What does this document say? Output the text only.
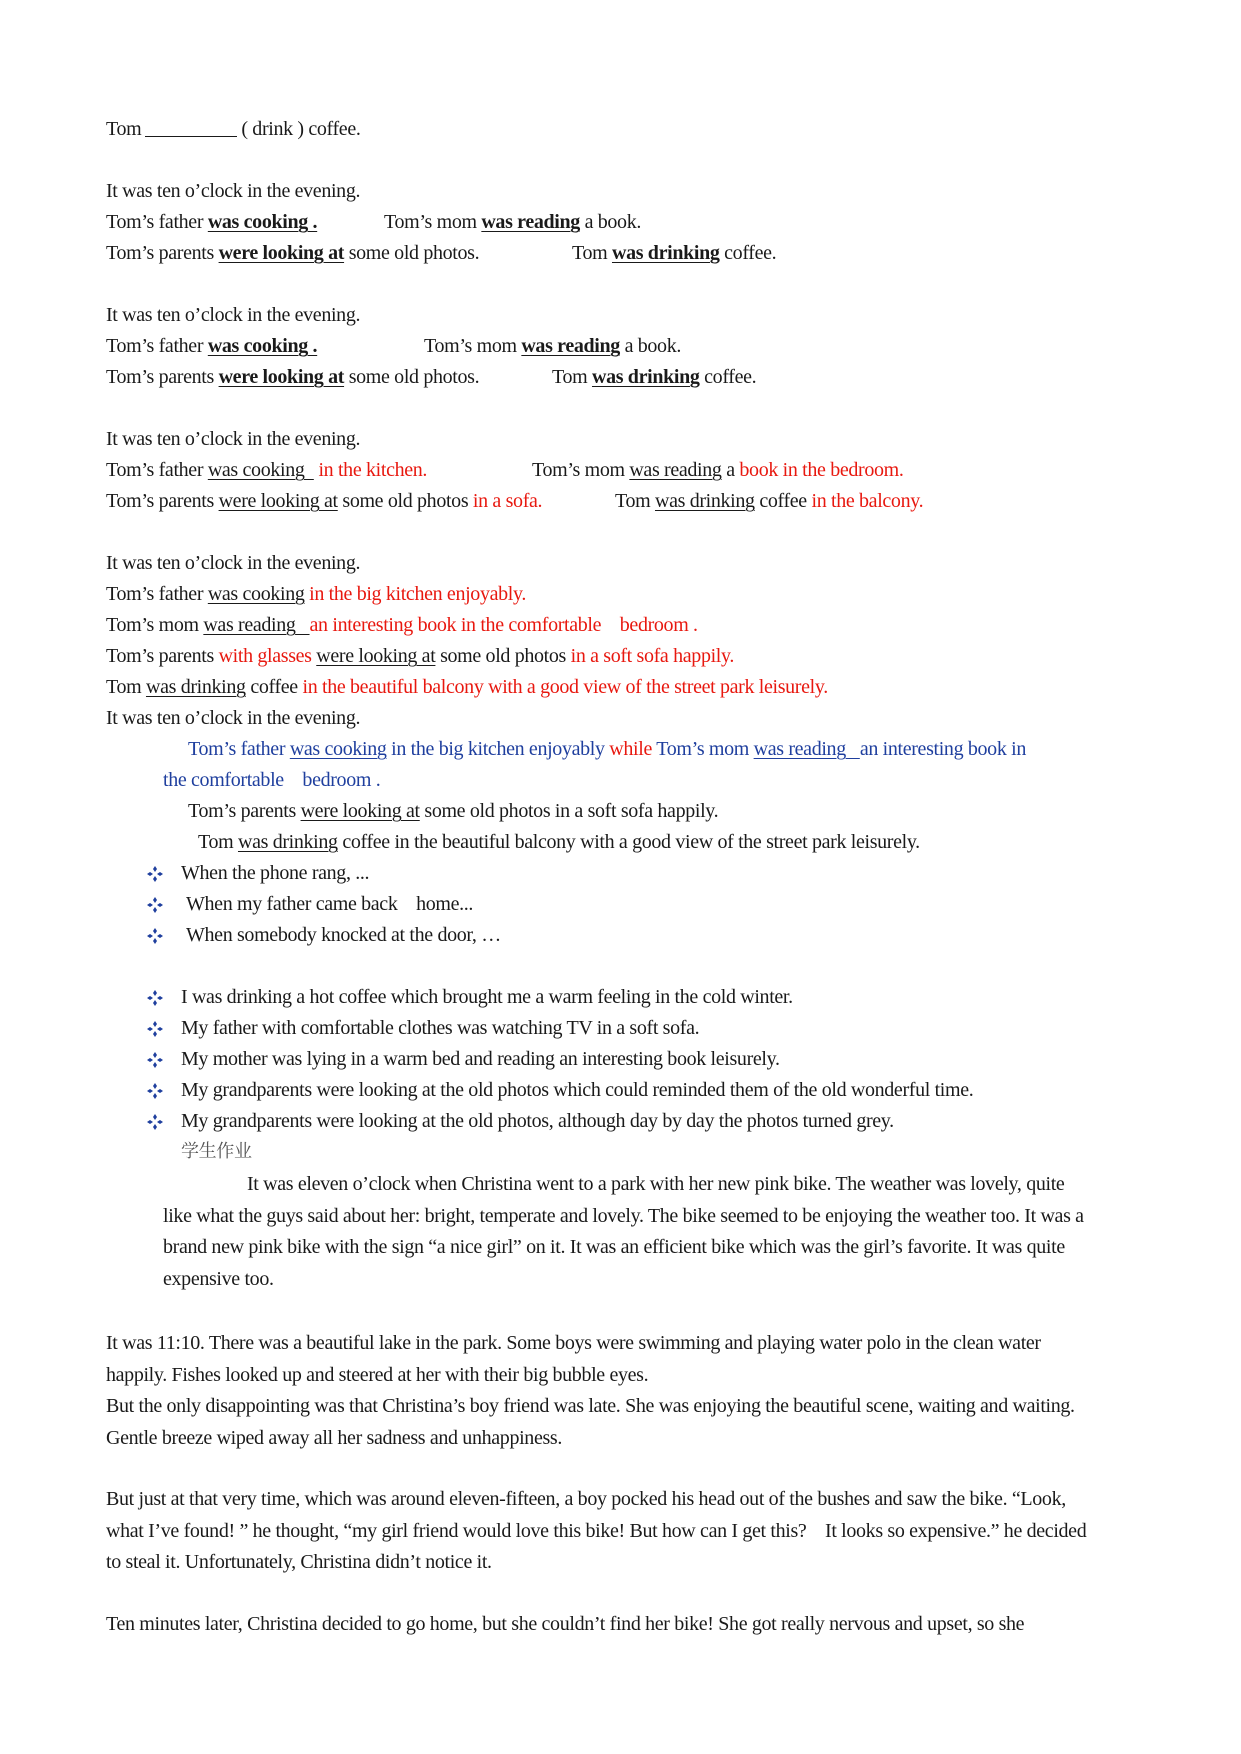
Tom	( drink ) coffee.
It was ten o’clock in the evening.
Tom’s father was cooking .	Tom’s mom was reading a book.
Tom’s parents were looking at some old photos.	Tom was drinking coffee.
It was ten o’clock in the evening.
Tom’s father was cooking .	Tom’s mom was reading a book.
Tom’s parents were looking at some old photos.	Tom was drinking coffee.
It was ten o’clock in the evening.
Tom’s father was cooking in the kitchen.	Tom’s mom was reading a book in the bedroom.
Tom’s parents were looking at some old photos in a sofa.	Tom was drinking coffee in the balcony.
It was ten o’clock in the evening.
Tom’s father was cooking in the big kitchen enjoyably.
Tom’s mom was reading an interesting book in the comfortable bedroom .
Tom’s parents with glasses were looking at some old photos in a soft sofa happily.
Tom was drinking coffee in the beautiful balcony with a good view of the street park leisurely.
It was ten o’clock in the evening.
Tom’s father was cooking in the big kitchen enjoyably while Tom’s mom was reading an interesting book in
the comfortable bedroom .
Tom’s parents were looking at some old photos in a soft sofa happily.
Tom was drinking coffee in the beautiful balcony with a good view of the street park leisurely.
When the phone rang, ...
When my father came back    home...
When somebody knocked at the door, …
I was drinking a hot coffee which brought me a warm feeling in the cold winter.
My father with comfortable clothes was watching TV in a soft sofa.
My mother was lying in a warm bed and reading an interesting book leisurely.
My grandparents were looking at the old photos which could reminded them of the old wonderful time.
My grandparents were looking at the old photos, although day by day the photos turned grey.
学生作业
It was eleven o’clock when Christina went to a park with her new pink bike. The weather was lovely, quite like what the guys said about her: bright, temperate and lovely. The bike seemed to be enjoying the weather too. It was a brand new pink bike with the sign “a nice girl” on it. It was an efficient bike which was the girl’s favorite. It was quite expensive too.
It was 11:10. There was a beautiful lake in the park. Some boys were swimming and playing water polo in the clean water happily. Fishes looked up and steered at her with their big bubble eyes.
But the only disappointing was that Christina’s boy friend was late. She was enjoying the beautiful scene, waiting and waiting. Gentle breeze wiped away all her sadness and unhappiness.
But just at that very time, which was around eleven-fifteen, a boy pocked his head out of the bushes and saw the bike. “Look, what I’ve found! ” he thought, “my girl friend would love this bike! But how can I get this?    It looks so expensive.” he decided to steal it. Unfortunately, Christina didn’t notice it.
Ten minutes later, Christina decided to go home, but she couldn’t find her bike! She got really nervous and upset, so she
